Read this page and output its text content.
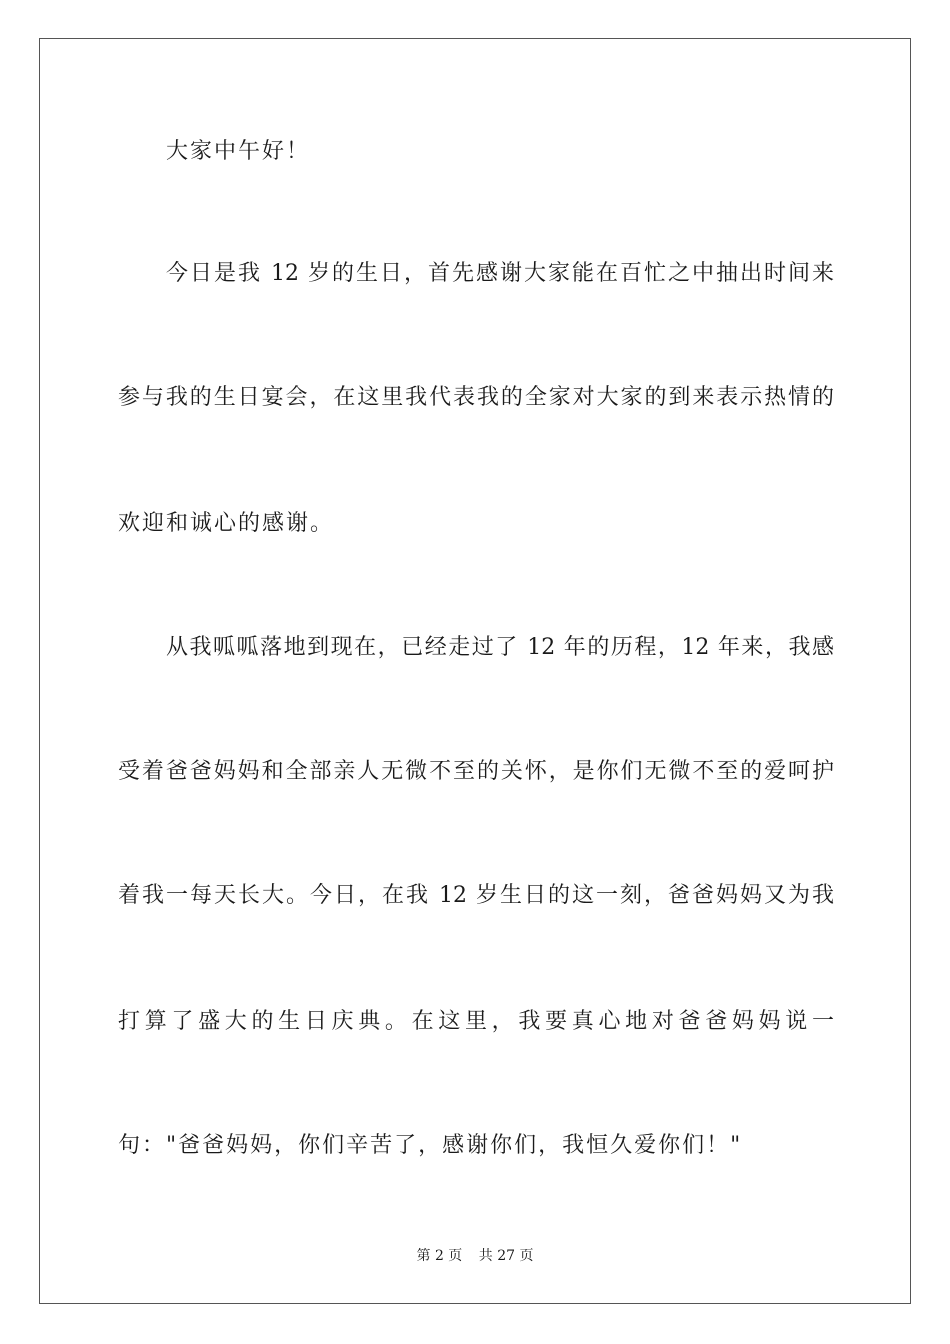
大家中午好！
今日是我 12 岁的生日，首先感谢大家能在百忙之中抽出时间来
参与我的生日宴会，在这里我代表我的全家对大家的到来表示热情的
欢迎和诚心的感谢。
从我呱呱落地到现在，已经走过了 12 年的历程，12 年来，我感
受着爸爸妈妈和全部亲人无微不至的关怀，是你们无微不至的爱呵护
着我一每天长大。今日，在我 12 岁生日的这一刻，爸爸妈妈又为我
打算了盛大的生日庆典。在这里，我要真心地对爸爸妈妈说一
句："爸爸妈妈，你们辛苦了，感谢你们，我恒久爱你们！"
第 2 页 共 27 页
